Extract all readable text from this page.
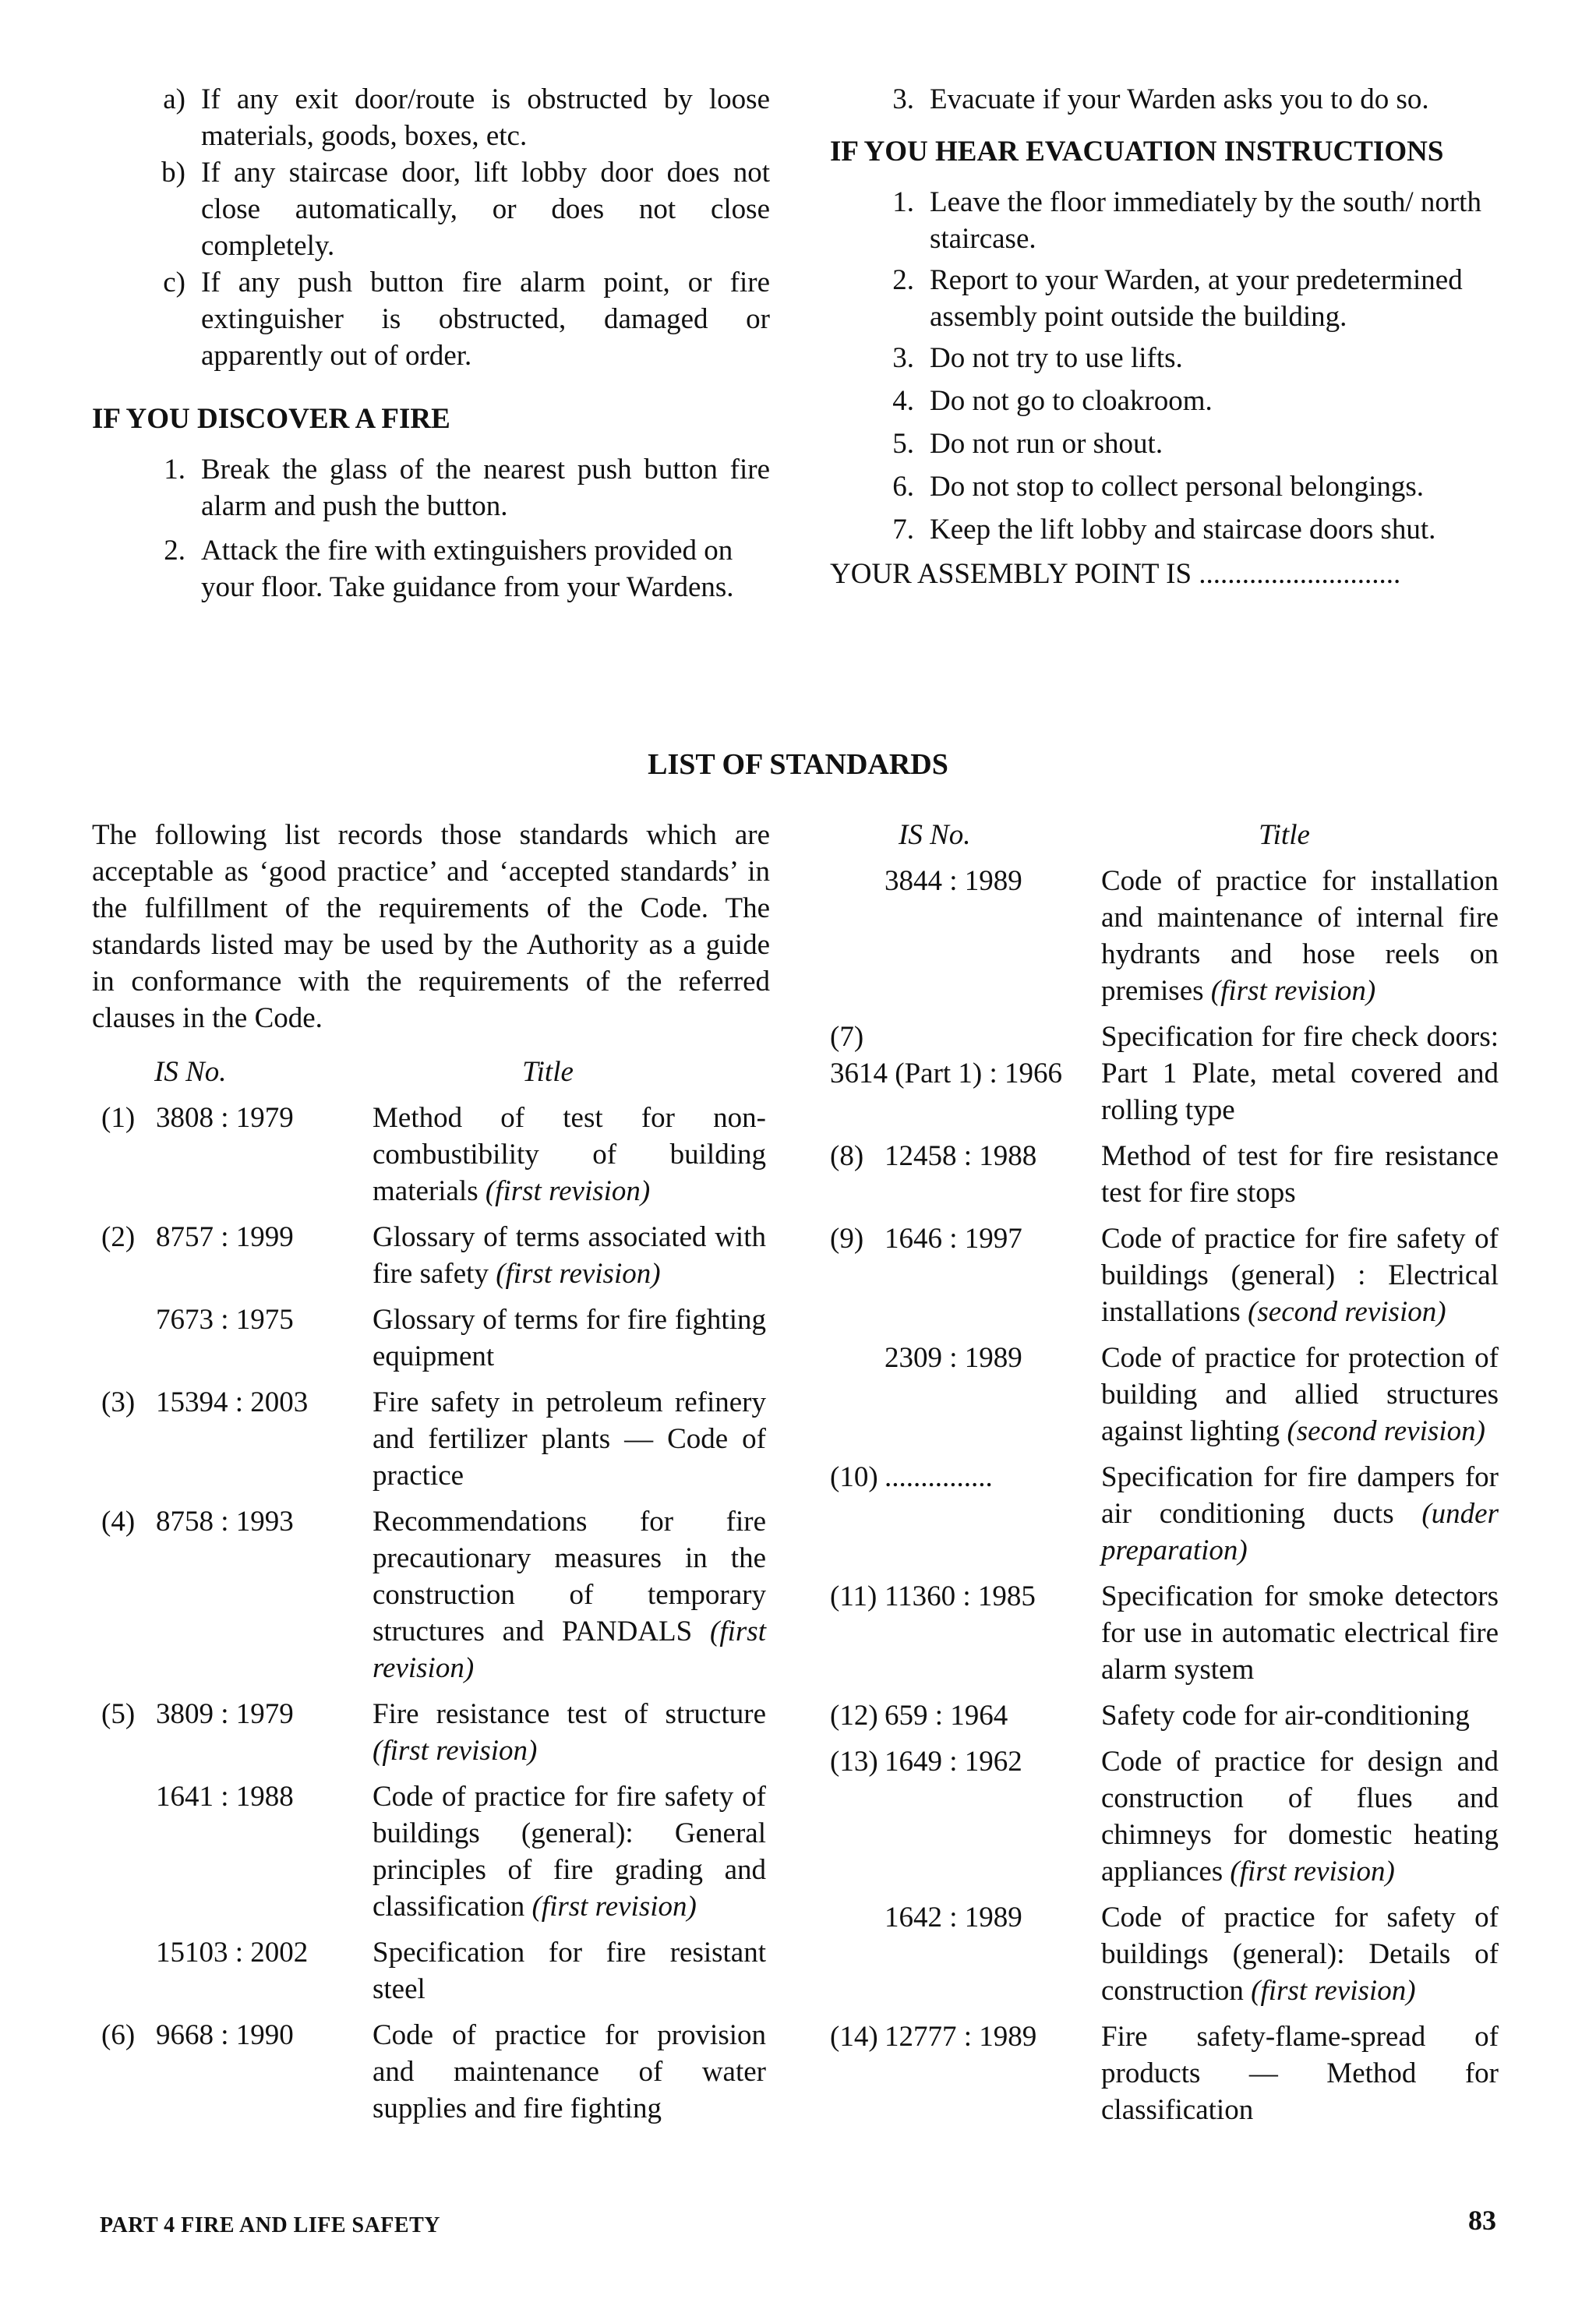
a) If any exit door/route is obstructed by loose materials, goods, boxes, etc.
b) If any staircase door, lift lobby door does not close automatically, or does not close completely.
c) If any push button fire alarm point, or fire extinguisher is obstructed, damaged or apparently out of order.
IF YOU DISCOVER A FIRE
1. Break the glass of the nearest push button fire alarm and push the button.
2. Attack the fire with extinguishers provided on your floor. Take guidance from your Wardens.
3. Evacuate if your Warden asks you to do so.
IF YOU HEAR EVACUATION INSTRUCTIONS
1. Leave the floor immediately by the south/ north staircase.
2. Report to your Warden, at your predetermined assembly point outside the building.
3. Do not try to use lifts.
4. Do not go to cloakroom.
5. Do not run or shout.
6. Do not stop to collect personal belongings.
7. Keep the lift lobby and staircase doors shut.
YOUR ASSEMBLY POINT IS ............................
LIST OF STANDARDS
The following list records those standards which are acceptable as ‘good practice’ and ‘accepted standards’ in the fulfillment of the requirements of the Code. The standards listed may be used by the Authority as a guide in conformance with the requirements of the referred clauses in the Code.
IS No.	Title
(1) 3808 : 1979	Method of test for non-combustibility of building materials (first revision)
(2) 8757 : 1999	Glossary of terms associated with fire safety (first revision)
7673 : 1975	Glossary of terms for fire fighting equipment
(3) 15394 : 2003	Fire safety in petroleum refinery and fertilizer plants — Code of practice
(4) 8758 : 1993	Recommendations for fire precautionary measures in the construction of temporary structures and PANDALS (first revision)
(5) 3809 : 1979	Fire resistance test of structure (first revision)
1641 : 1988	Code of practice for fire safety of buildings (general): General principles of fire grading and classification (first revision)
15103 : 2002	Specification for fire resistant steel
(6) 9668 : 1990	Code of practice for provision and maintenance of water supplies and fire fighting
IS No.	Title
3844 : 1989	Code of practice for installation and maintenance of internal fire hydrants and hose reels on premises (first revision)
(7)3614 (Part 1) : 1966
Specification for fire check doors: Part 1 Plate, metal covered and rolling type
(8) 12458 : 1988	Method of test for fire resistance test for fire stops
(9) 1646 : 1997	Code of practice for fire safety of buildings (general) : Electrical installations (second revision)
2309 : 1989	Code of practice for protection of building and allied structures against lighting (second revision)
(10) ...............	Specification for fire dampers for air conditioning ducts (under preparation)
(11) 11360 : 1985	Specification for smoke detectors for use in automatic electrical fire alarm system
(12) 659 : 1964	Safety code for air-conditioning
(13) 1649 : 1962	Code of practice for design and construction of flues and chimneys for domestic heating appliances (first revision)
1642 : 1989	Code of practice for safety of buildings (general): Details of construction (first revision)
(14) 12777 : 1989	Fire safety-flame-spread of products — Method for classification
PART 4 FIRE AND LIFE SAFETY	83
